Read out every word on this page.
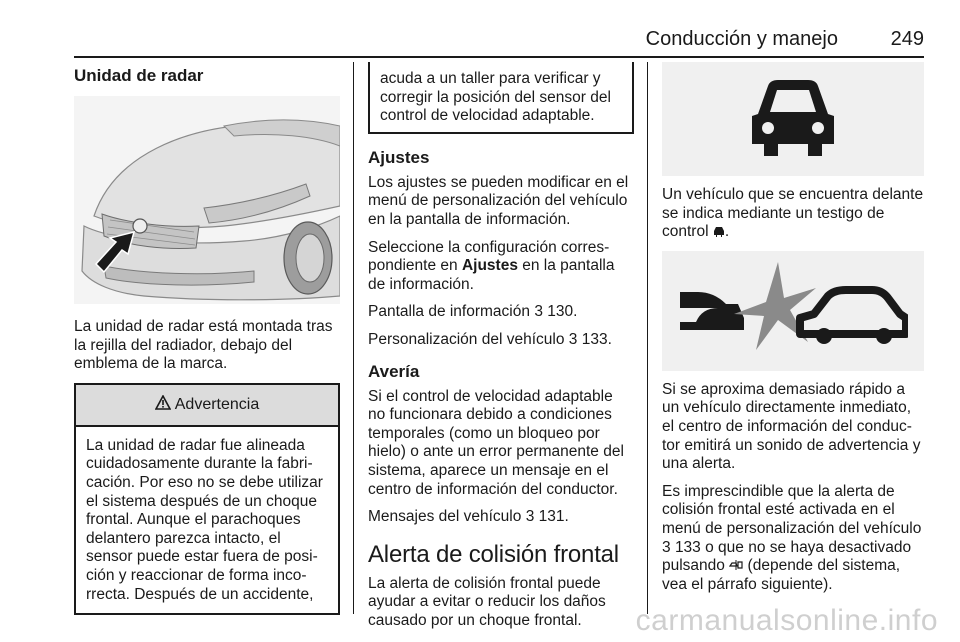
Conducción y manejo	249
Unidad de radar

La unidad de radar está montada tras la rejilla del radiador, debajo del emblema de la marca.

Advertencia

La unidad de radar fue alineada cuidadosamente durante la fabricación. Por eso no se debe utilizar el sistema después de un choque frontal. Aunque el parachoques delantero parezca intacto, el sensor puede estar fuera de posición y reaccionar de forma incorrecta. Después de un accidente,

acuda a un taller para verificar y corregir la posición del sensor del control de velocidad adaptable.

Ajustes

Los ajustes se pueden modificar en el menú de personalización del vehículo en la pantalla de información.

Seleccione la configuración correspondiente en Ajustes en la pantalla de información.

Pantalla de información 3 130.

Personalización del vehículo 3 133.

Avería

Si el control de velocidad adaptable no funcionara debido a condiciones temporales (como un bloqueo por hielo) o ante un error permanente del sistema, aparece un mensaje en el centro de información del conductor.

Mensajes del vehículo 3 131.

Alerta de colisión frontal

La alerta de colisión frontal puede ayudar a evitar o reducir los daños causado por un choque frontal.

Un vehículo que se encuentra delante se indica mediante un testigo de control .

Si se aproxima demasiado rápido a un vehículo directamente inmediato, el centro de información del conductor emitirá un sonido de advertencia y una alerta.

Es imprescindible que la alerta de colisión frontal esté activada en el menú de personalización del vehículo 3 133 o que no se haya desactivado pulsando (depende del sistema, vea el párrafo siguiente).

carmanualsonline.info
